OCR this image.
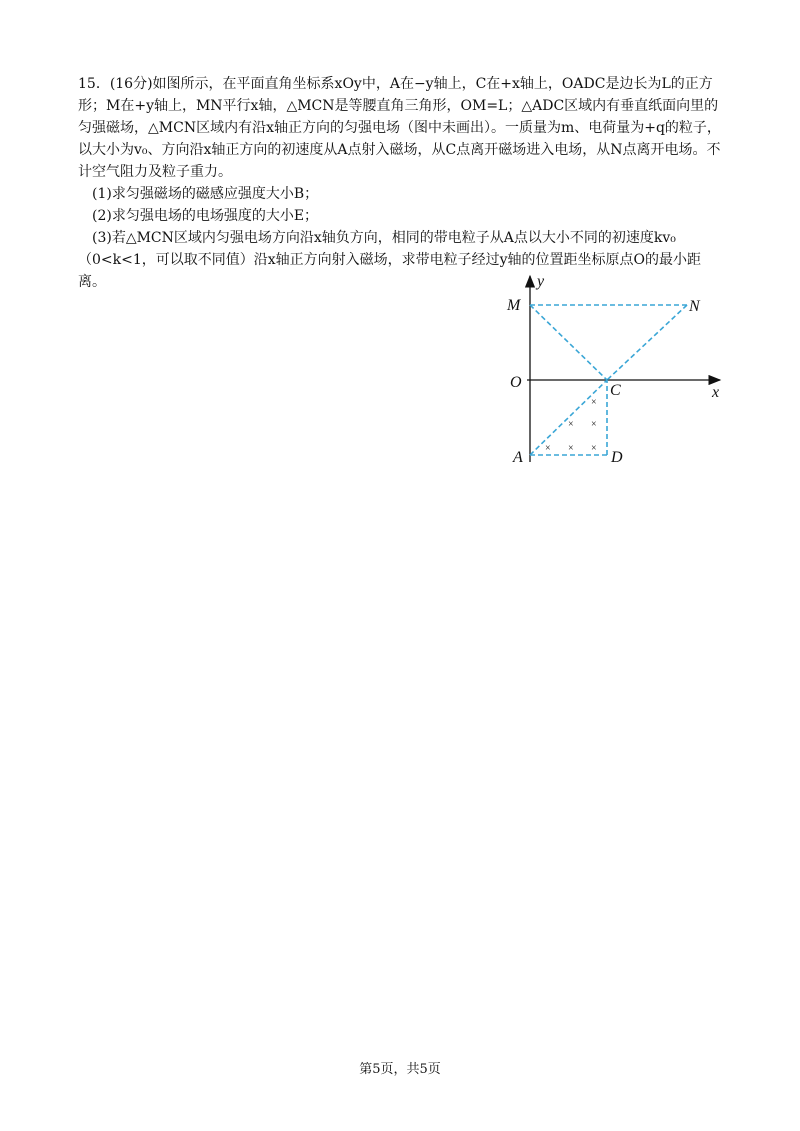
15．(16分)如图所示，在平面直角坐标系xOy中，A在−y轴上，C在+x轴上，OADC是边长为L的正方形；M在+y轴上，MN平行x轴，△MCN是等腰直角三角形，OM=L；△ADC区域内有垂直纸面向里的匀强磁场，△MCN区域内有沿x轴正方向的匀强电场（图中未画出）。一质量为m、电荷量为+q的粒子，以大小为v₀、方向沿x轴正方向的初速度从A点射入磁场，从C点离开磁场进入电场，从N点离开电场。不计空气阻力及粒子重力。

(1)求匀强磁场的磁感应强度大小B；

(2)求匀强电场的电场强度的大小E；

(3)若△MCN区域内匀强电场方向沿x轴负方向，相同的带电粒子从A点以大小不同的初速度kv₀（0<k<1，可以取不同值）沿x轴正方向射入磁场，求带电粒子经过y轴的位置距坐标原点O的最小距离。

×
× ×
× × ×
y
x
M	N
O	C
A	D
第5页，共5页
